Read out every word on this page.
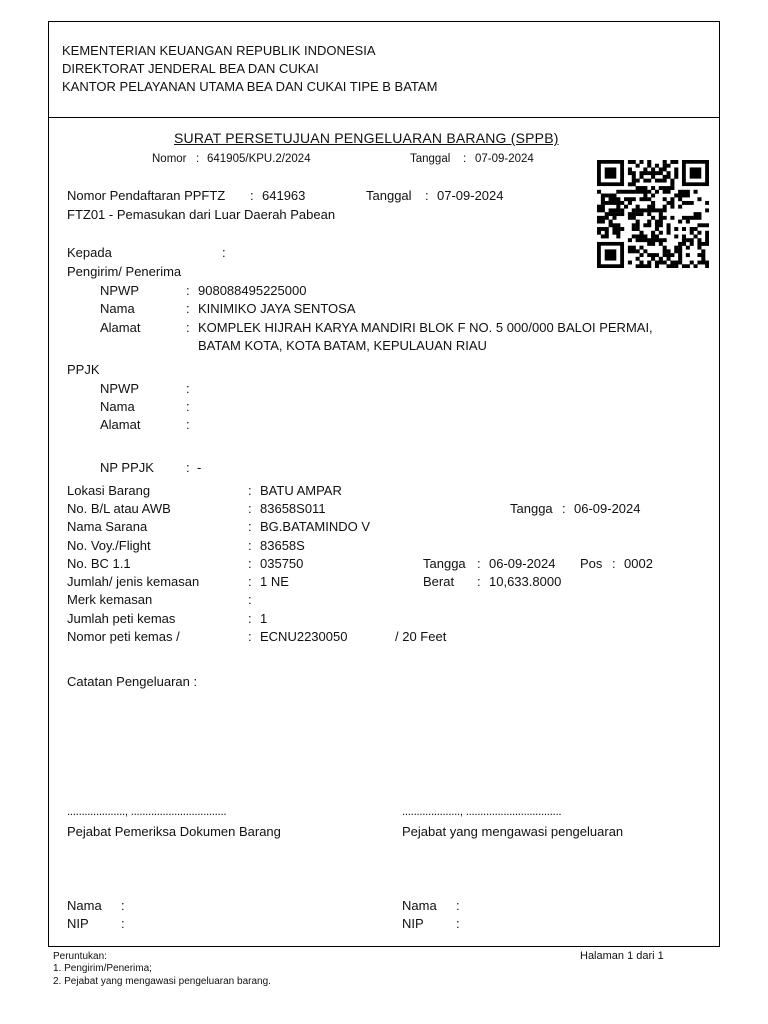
KEMENTERIAN KEUANGAN REPUBLIK INDONESIA
DIREKTORAT JENDERAL BEA DAN CUKAI
KANTOR PELAYANAN UTAMA BEA DAN CUKAI TIPE B BATAM
SURAT PERSETUJUAN PENGELUARAN BARANG (SPPB)
Nomor : 641905/KPU.2/2024	Tanggal : 07-09-2024
Nomor Pendaftaran PPFTZ : 641963	Tanggal : 07-09-2024
FTZ01 - Pemasukan dari Luar Daerah Pabean
Kepada	:
Pengirim/ Penerima
NPWP	: 908088495225000
Nama	: KINIMIKO JAYA SENTOSA
Alamat	: KOMPLEK HIJRAH KARYA MANDIRI BLOK F NO. 5 000/000 BALOI PERMAI,
BATAM KOTA, KOTA BATAM, KEPULAUAN RIAU
PPJK
NPWP	:
Nama	:
Alamat	:
NP PPJK : -
Lokasi Barang	: BATU AMPAR
No. B/L atau AWB	: 83658S011	Tangga : 06-09-2024
Nama Sarana	: BG.BATAMINDO V
No. Voy./Flight	: 83658S
No. BC 1.1	: 035750	Tangga : 06-09-2024 Pos : 0002
Jumlah/ jenis kemasan	: 1 NE	Berat : 10,633.8000
Merk kemasan	:
Jumlah peti kemas	: 1
Nomor peti kemas /	: ECNU2230050	/ 20 Feet
Catatan Pengeluaran :
...................., .................................	...................., .................................
Pejabat Pemeriksa Dokumen Barang	Pejabat yang mengawasi pengeluaran
Nama :
NIP :
Nama :
NIP :
Peruntukan:
1. Pengirim/Penerima;
2. Pejabat yang mengawasi pengeluaran barang.
Halaman 1 dari 1
